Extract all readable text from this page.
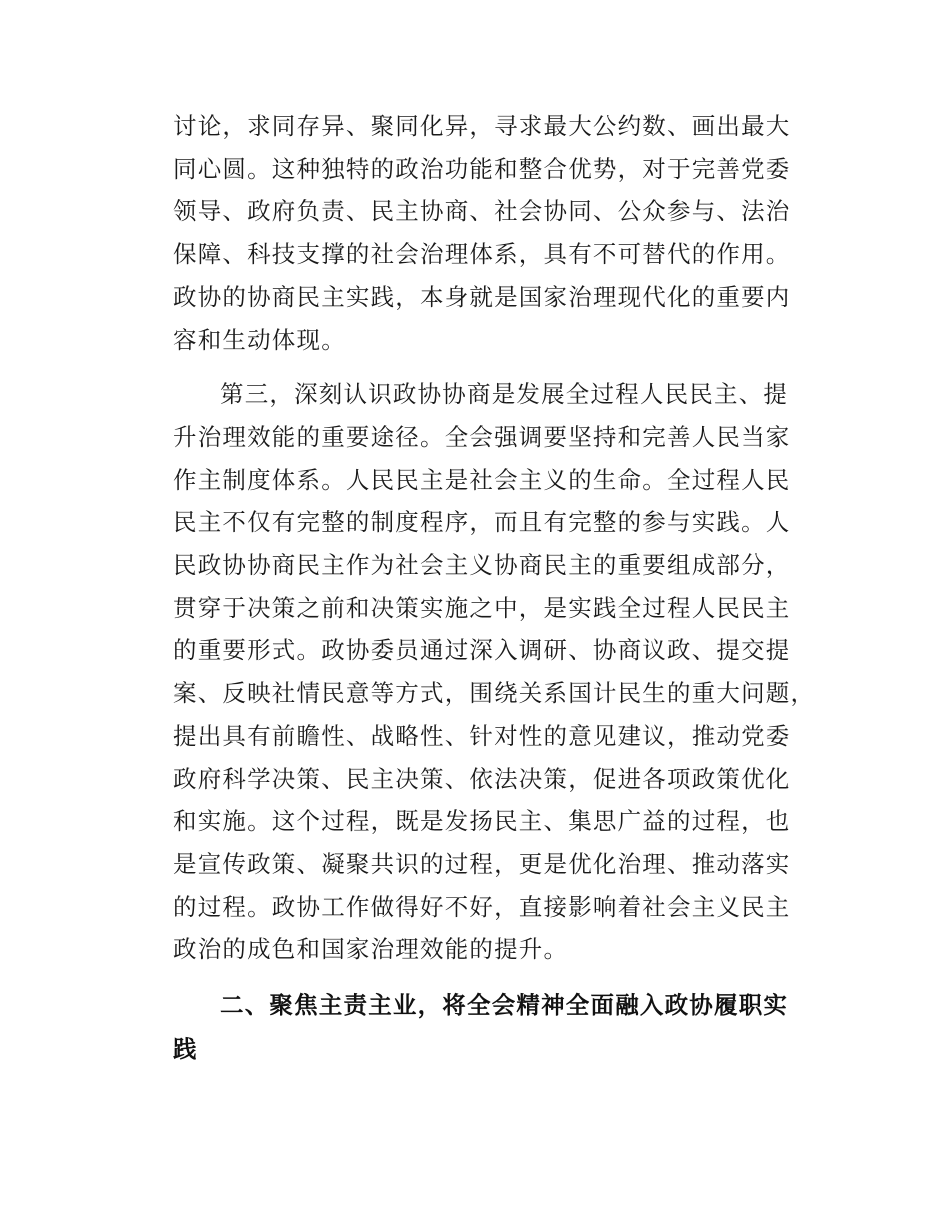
讨论，求同存异、聚同化异，寻求最大公约数、画出最大
同心圆。这种独特的政治功能和整合优势，对于完善党委
领导、政府负责、民主协商、社会协同、公众参与、法治
保障、科技支撑的社会治理体系，具有不可替代的作用。
政协的协商民主实践，本身就是国家治理现代化的重要内
容和生动体现。

第三，深刻认识政协协商是发展全过程人民民主、提
升治理效能的重要途径。全会强调要坚持和完善人民当家
作主制度体系。人民民主是社会主义的生命。全过程人民
民主不仅有完整的制度程序，而且有完整的参与实践。人
民政协协商民主作为社会主义协商民主的重要组成部分，
贯穿于决策之前和决策实施之中，是实践全过程人民民主
的重要形式。政协委员通过深入调研、协商议政、提交提
案、反映社情民意等方式，围绕关系国计民生的重大问题，
提出具有前瞻性、战略性、针对性的意见建议，推动党委
政府科学决策、民主决策、依法决策，促进各项政策优化
和实施。这个过程，既是发扬民主、集思广益的过程，也
是宣传政策、凝聚共识的过程，更是优化治理、推动落实
的过程。政协工作做得好不好，直接影响着社会主义民主
政治的成色和国家治理效能的提升。

二、聚焦主责主业，将全会精神全面融入政协履职实
践
